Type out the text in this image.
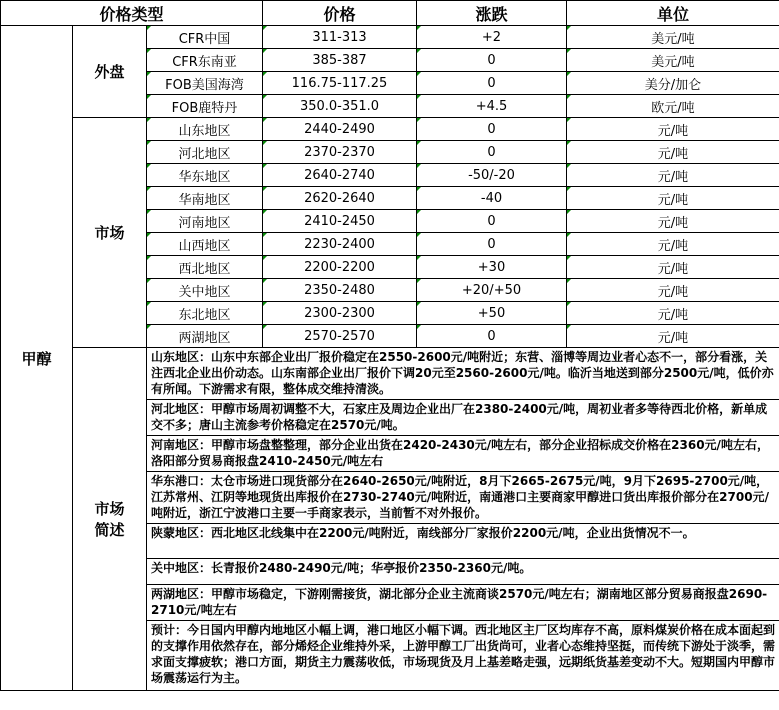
价格类型			价格	涨跌	单位
甲醇	外盘	CFR中国	311-313	+2	美元/吨
		CFR东南亚	385-387	0	美元/吨
		FOB美国海湾	116.75-117.25	0	美分/加仑
		FOB鹿特丹	350.0-351.0	+4.5	欧元/吨
	市场	山东地区	2440-2490	0	元/吨
		河北地区	2370-2370	0	元/吨
		华东地区	2640-2740	-50/-20	元/吨
		华南地区	2620-2640	-40	元/吨
		河南地区	2410-2450	0	元/吨
		山西地区	2230-2400	0	元/吨
		西北地区	2200-2200	+30	元/吨
		关中地区	2350-2480	+20/+50	元/吨
		东北地区	2300-2300	+50	元/吨
		两湖地区	2570-2570	0	元/吨

	市场
简述	山东地区：山东中东部企业出厂报价稳定在2550-2600元/吨附近；东营、淄博等周边业者心态不一，部分看涨，关注西北企业出价动态。山东南部企业出厂报价下调20元至2560-2600元/吨。临沂当地送到部分2500元/吨，低价亦有所闻。下游需求有限，整体成交维持清淡。			
		河北地区：甲醇市场周初调整不大，石家庄及周边企业出厂在2380-2400元/吨，周初业者多等待西北价格，新单成交不多；唐山主流参考价格稳定在2570元/吨。			
		河南地区：甲醇市场盘整整理，部分企业出货在2420-2430元/吨左右，部分企业招标成交价格在2360元/吨左右，洛阳部分贸易商报盘2410-2450元/吨左右			
		华东港口：太仓市场进口现货部分在2640-2650元/吨附近，8月下2665-2675元/吨，9月下2695-2700元/吨，江苏常州、江阴等地现货出库报价在2730-2740元/吨附近，南通港口主要商家甲醇进口货出库报价部分在2700元/吨附近，浙江宁波港口主要一手商家表示，当前暂不对外报价。			
		陕蒙地区：西北地区北线集中在2200元/吨附近，南线部分厂家报价2200元/吨，企业出货情况不一。			
		关中地区：长青报价2480-2490元/吨；华亭报价2350-2360元/吨。			
		两湖地区：甲醇市场稳定，下游刚需接货，湖北部分企业主流商谈2570元/吨左右；湖南地区部分贸易商报盘2690-2710元/吨左右			
		预计：今日国内甲醇内地地区小幅上调，港口地区小幅下调。西北地区主厂区均库存不高，原料煤炭价格在成本面起到的支撑作用依然存在，部分烯烃企业维持外采，上游甲醇工厂出货尚可，业者心态维持坚挺，而传统下游处于淡季，需求面支撑疲软；港口方面，期货主力震荡收低，市场现货及月上基差略走强，远期纸货基差变动不大。短期国内甲醇市场震荡运行为主。			
